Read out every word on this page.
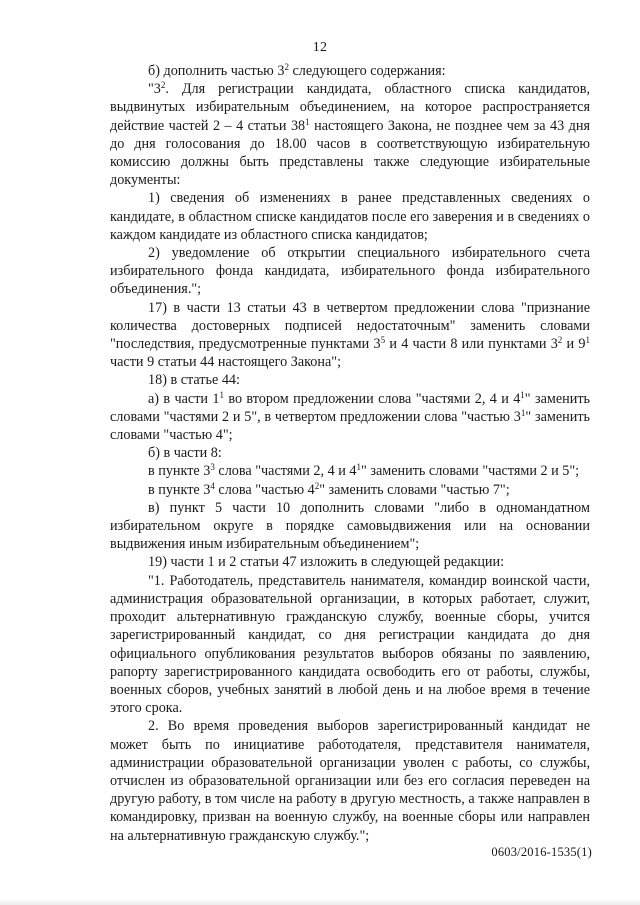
12

б) дополнить частью $3^2$ следующего содержания:

"$3^2$. Для регистрации кандидата, областного списка кандидатов, выдвинутых избирательным объединением, на которое распространяется действие частей 2 – 4 статьи $38^1$ настоящего Закона, не позднее чем за 43 дня до дня голосования до 18.00 часов в соответствующую избирательную комиссию должны быть представлены также следующие избирательные документы:

1) сведения об изменениях в ранее представленных сведениях о кандидате, в областном списке кандидатов после его заверения и в сведениях о каждом кандидате из областного списка кандидатов;

2) уведомление об открытии специального избирательного счета избирательного фонда кандидата, избирательного фонда избирательного объединения.";

17) в части 13 статьи 43 в четвертом предложении слова "признание количества достоверных подписей недостаточным" заменить словами "последствия, предусмотренные пунктами $3^5$ и 4 части 8 или пунктами $3^2$ и $9^1$ части 9 статьи 44 настоящего Закона";

18) в статье 44:

а) в части $1^1$ во втором предложении слова "частями 2, 4 и $4^1$" заменить словами "частями 2 и 5", в четвертом предложении слова "частью $3^1$" заменить словами "частью 4";

б) в части 8:

в пункте $3^3$ слова "частями 2, 4 и $4^1$" заменить словами "частями 2 и 5";

в пункте $3^4$ слова "частью $4^2$" заменить словами "частью 7";

в) пункт 5 части 10 дополнить словами "либо в одномандатном избирательном округе в порядке самовыдвижения или на основании выдвижения иным избирательным объединением";

19) части 1 и 2 статьи 47 изложить в следующей редакции:

"1. Работодатель, представитель нанимателя, командир воинской части, администрация образовательной организации, в которых работает, служит, проходит альтернативную гражданскую службу, военные сборы, учится зарегистрированный кандидат, со дня регистрации кандидата до дня официального опубликования результатов выборов обязаны по заявлению, рапорту зарегистрированного кандидата освободить его от работы, службы, военных сборов, учебных занятий в любой день и на любое время в течение этого срока.

2. Во время проведения выборов зарегистрированный кандидат не может быть по инициативе работодателя, представителя нанимателя, администрации образовательной организации уволен с работы, со службы, отчислен из образовательной организации или без его согласия переведен на другую работу, в том числе на работу в другую местность, а также направлен в командировку, призван на военную службу, на военные сборы или направлен на альтернативную гражданскую службу.";

0603/2016-1535(1)
